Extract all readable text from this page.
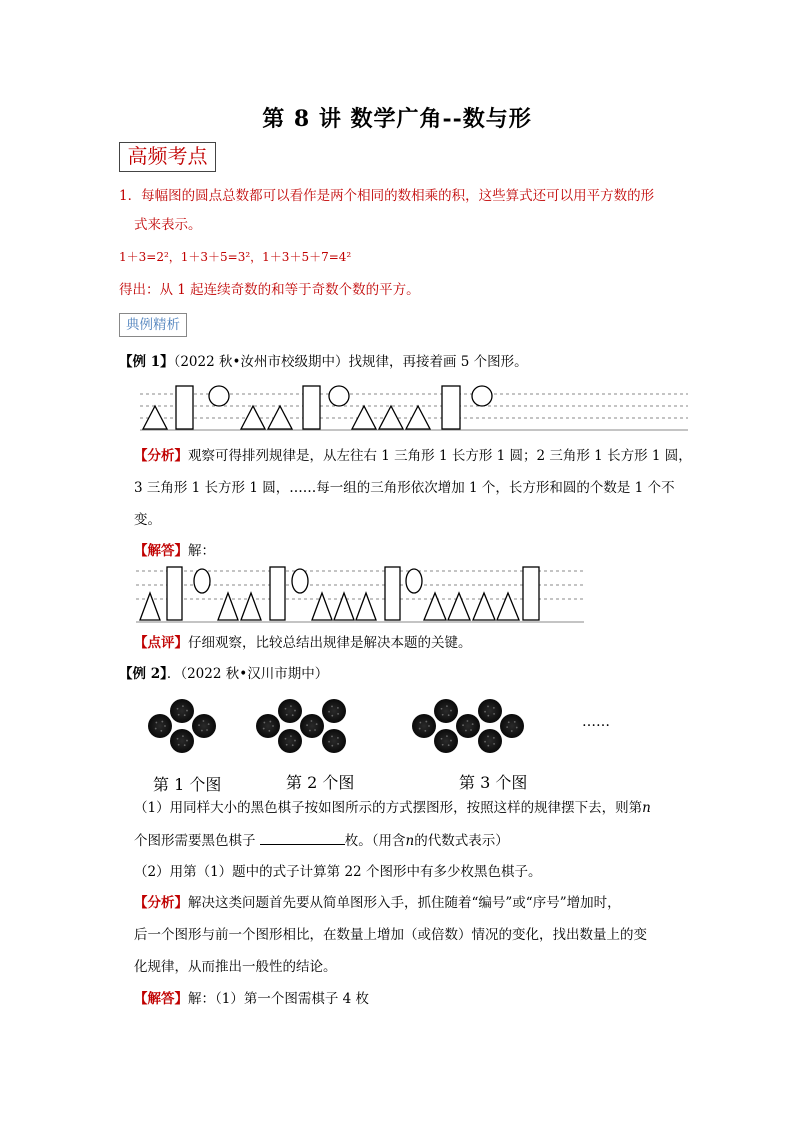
第 8 讲 数学广角--数与形
高频考点
1．每幅图的圆点总数都可以看作是两个相同的数相乘的积，这些算式还可以用平方数的形
式来表示。
1＋3=2²，1＋3＋5=3²，1＋3＋5＋7=4²
得出：从 1 起连续奇数的和等于奇数个数的平方。
典例精析
【例 1】（2022 秋•汝州市校级期中）找规律，再接着画 5 个图形。
【分析】观察可得排列规律是，从左往右 1 三角形 1 长方形 1 圆；2 三角形 1 长方形 1 圆，
3 三角形 1 长方形 1 圆，……每一组的三角形依次增加 1 个，长方形和圆的个数是 1 个不
变。
【解答】解：
【点评】仔细观察，比较总结出规律是解决本题的关键。
【例 2】．（2022 秋•汉川市期中）
第 1 个图	第 2 个图	第 3 个图
……
（1）用同样大小的黑色棋子按如图所示的方式摆图形，按照这样的规律摆下去，则第n
个图形需要黑色棋子	枚。（用含n的代数式表示）
（2）用第（1）题中的式子计算第 22 个图形中有多少枚黑色棋子。
【分析】解决这类问题首先要从简单图形入手，抓住随着“编号”或“序号”增加时，
后一个图形与前一个图形相比，在数量上增加（或倍数）情况的变化，找出数量上的变
化规律，从而推出一般性的结论。
【解答】解：（1）第一个图需棋子 4 枚
